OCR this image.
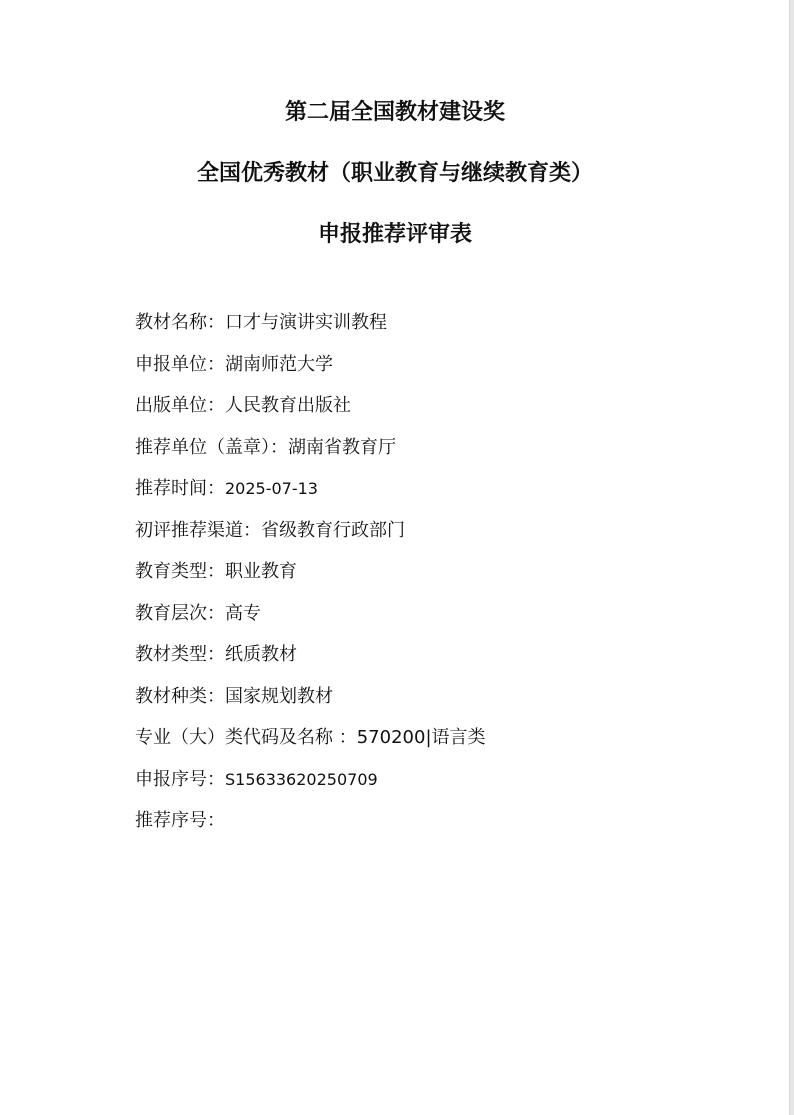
第二届全国教材建设奖
全国优秀教材（职业教育与继续教育类）
申报推荐评审表
教材名称：口才与演讲实训教程
申报单位：湖南师范大学
出版单位：人民教育出版社
推荐单位（盖章）：湖南省教育厅
推荐时间：2025-07-13
初评推荐渠道：省级教育行政部门
教育类型：职业教育
教育层次：高专
教材类型：纸质教材
教材种类：国家规划教材
专业（大）类代码及名称 ：570200|语言类
申报序号：S15633620250709
推荐序号：
